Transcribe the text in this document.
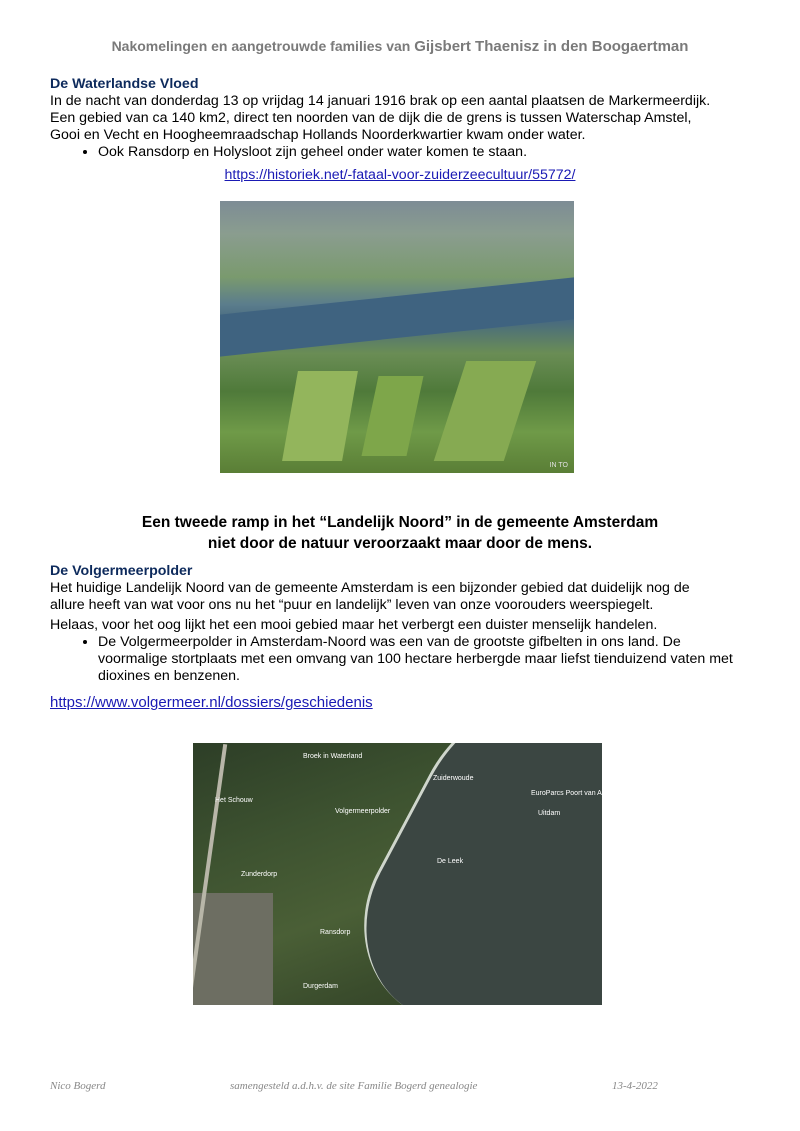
Nakomelingen en aangetrouwde families van Gijsbert Thaenisz in den Boogaertman

De Waterlandse Vloed

In de nacht van donderdag 13 op vrijdag 14 januari 1916 brak op een aantal plaatsen de Markermeerdijk.

Een gebied van ca 140 km2, direct ten noorden van de dijk die de grens is tussen Waterschap Amstel,

Gooi en Vecht en Hoogheemraadschap Hollands Noorderkwartier kwam onder water.

• Ook Ransdorp en Holysloot zijn geheel onder water komen te staan.

https://historiek.net/-fataal-voor-zuiderzeecultuur/55772/

IN TO
Een tweede ramp in het “Landelijk Noord” in de gemeente Amsterdam
niet door de natuur veroorzaakt maar door de mens.

De Volgermeerpolder

Het huidige Landelijk Noord van de gemeente Amsterdam is een bijzonder gebied dat duidelijk nog de

allure heeft van wat voor ons nu het “puur en landelijk” leven van onze voorouders weerspiegelt.

Helaas, voor het oog lijkt het een mooi gebied maar het verbergt een duister menselijk handelen.

• De Volgermeerpolder in Amsterdam-Noord was een van de grootste gifbelten in ons land. De voormalige stortplaats met een omvang van 100 hectare herbergde maar liefst tienduizend vaten met dioxines en benzenen.
https://www.volgermeer.nl/dossiers/geschiedenis
Broek in Waterland
Zuiderwoude
Het Schouw
Volgermeerpolder
EuroParcs Poort van A
Uitdam
De Leek
Zunderdorp
Ransdorp
Durgerdam
Nico Bogerd	samengesteld a.d.h.v. de site Familie Bogerd genealogie	13-4-2022
